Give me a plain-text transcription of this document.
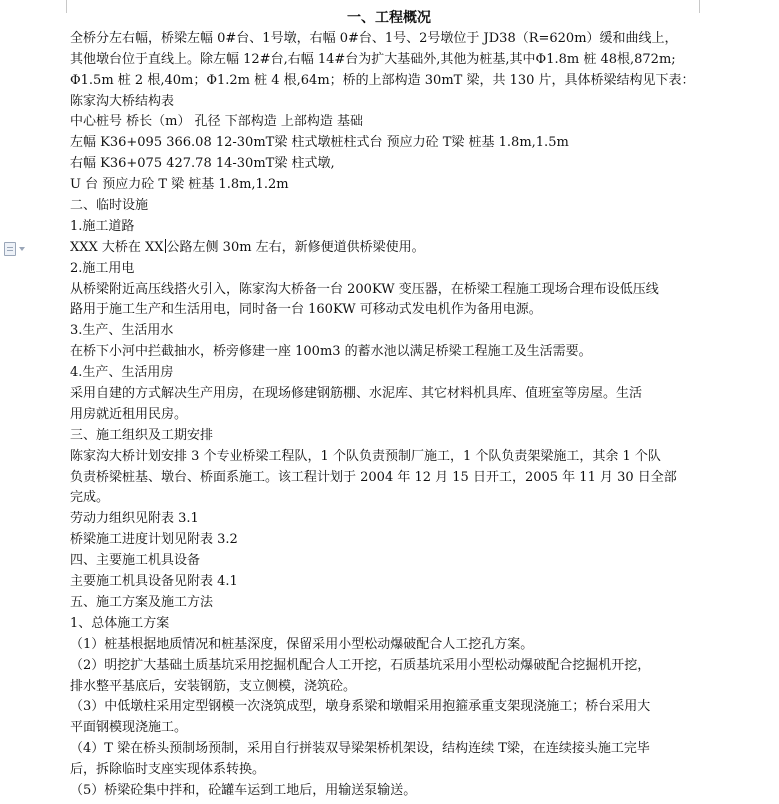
一、工程概况
全桥分左右幅，桥梁左幅 0#台、1号墩，右幅 0#台、1号、2号墩位于 JD38（R=620m）缓和曲线上，
其他墩台位于直线上。除左幅 12#台,右幅 14#台为扩大基础外,其他为桩基,其中Φ1.8m 桩 48根,872m;
Φ1.5m 桩 2 根,40m；Φ1.2m 桩 4 根,64m；桥的上部构造 30mT 梁，共 130 片，具体桥梁结构见下表：
陈家沟大桥结构表
中心桩号 桥长（m） 孔径 下部构造 上部构造 基础
左幅 K36+095 366.08 12-30mT梁 柱式墩桩柱式台 预应力砼 T梁 桩基 1.8m,1.5m
右幅 K36+075 427.78 14-30mT梁 柱式墩,
U 台 预应力砼 T 梁 桩基 1.8m,1.2m
二、临时设施
1.施工道路
XXX 大桥在 XX 公路左侧 30m 左右，新修便道供桥梁使用。
2.施工用电
从桥梁附近高压线搭火引入，陈家沟大桥备一台 200KW 变压器，在桥梁工程施工现场合理布设低压线
路用于施工生产和生活用电，同时备一台 160KW 可移动式发电机作为备用电源。
3.生产、生活用水
在桥下小河中拦截抽水，桥旁修建一座 100m3 的蓄水池以满足桥梁工程施工及生活需要。
4.生产、生活用房
采用自建的方式解决生产用房，在现场修建钢筋棚、水泥库、其它材料机具库、值班室等房屋。生活
用房就近租用民房。
三、施工组织及工期安排
陈家沟大桥计划安排 3 个专业桥梁工程队，1 个队负责预制厂施工，1 个队负责架梁施工，其余 1 个队
负责桥梁桩基、墩台、桥面系施工。该工程计划于 2004 年 12 月 15 日开工，2005 年 11 月 30 日全部
完成。
劳动力组织见附表 3.1
桥梁施工进度计划见附表 3.2
四、主要施工机具设备
主要施工机具设备见附表 4.1
五、施工方案及施工方法
1、总体施工方案
（1）桩基根据地质情况和桩基深度，保留采用小型松动爆破配合人工挖孔方案。
（2）明挖扩大基础土质基坑采用挖掘机配合人工开挖，石质基坑采用小型松动爆破配合挖掘机开挖，
排水整平基底后，安装钢筋，支立侧模，浇筑砼。
（3）中低墩柱采用定型钢模一次浇筑成型，墩身系梁和墩帽采用抱箍承重支架现浇施工；桥台采用大
平面钢模现浇施工。
（4）T 梁在桥头预制场预制，采用自行拼装双导梁架桥机架设，结构连续 T梁，在连续接头施工完毕
后，拆除临时支座实现体系转换。
（5）桥梁砼集中拌和，砼罐车运到工地后，用输送泵输送。
